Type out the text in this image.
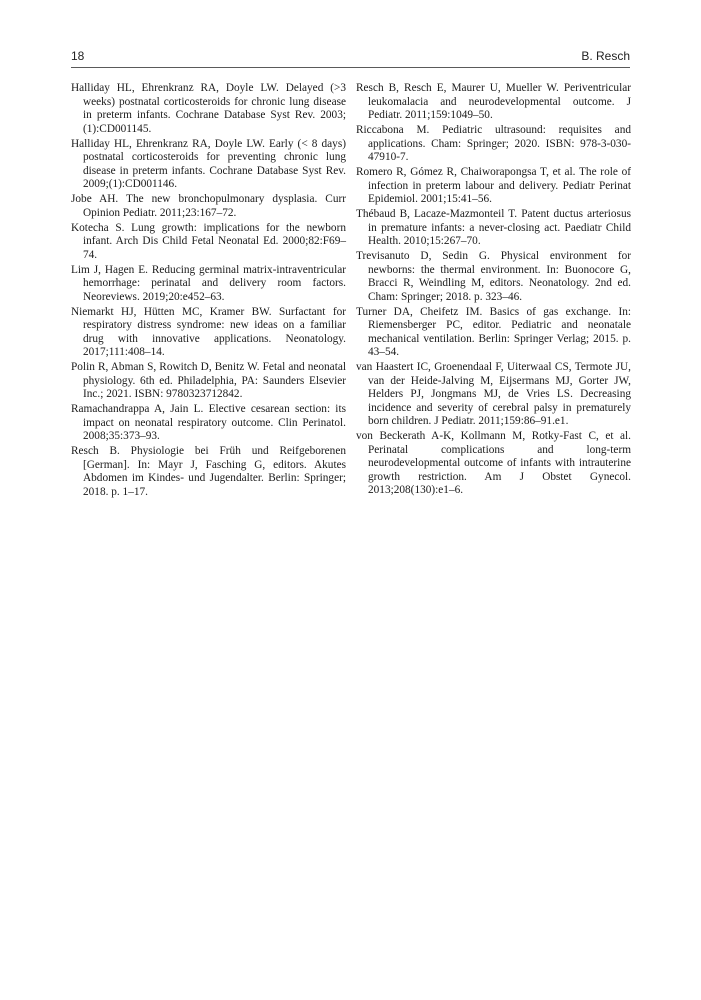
18	B. Resch
Halliday HL, Ehrenkranz RA, Doyle LW. Delayed (>3 weeks) postnatal corticosteroids for chronic lung disease in preterm infants. Cochrane Database Syst Rev. 2003;(1):CD001145.
Halliday HL, Ehrenkranz RA, Doyle LW. Early (< 8 days) postnatal corticosteroids for preventing chronic lung disease in preterm infants. Cochrane Database Syst Rev. 2009;(1):CD001146.
Jobe AH. The new bronchopulmonary dysplasia. Curr Opinion Pediatr. 2011;23:167–72.
Kotecha S. Lung growth: implications for the newborn infant. Arch Dis Child Fetal Neonatal Ed. 2000;82:F69–74.
Lim J, Hagen E. Reducing germinal matrix-intraventricular hemorrhage: perinatal and delivery room factors. Neoreviews. 2019;20:e452–63.
Niemarkt HJ, Hütten MC, Kramer BW. Surfactant for respiratory distress syndrome: new ideas on a familiar drug with innovative applications. Neonatology. 2017;111:408–14.
Polin R, Abman S, Rowitch D, Benitz W. Fetal and neonatal physiology. 6th ed. Philadelphia, PA: Saunders Elsevier Inc.; 2021. ISBN: 9780323712842.
Ramachandrappa A, Jain L. Elective cesarean section: its impact on neonatal respiratory outcome. Clin Perinatol. 2008;35:373–93.
Resch B. Physiologie bei Früh und Reifgeborenen [German]. In: Mayr J, Fasching G, editors. Akutes Abdomen im Kindes- und Jugendalter. Berlin: Springer; 2018. p. 1–17.
Resch B, Resch E, Maurer U, Mueller W. Periventricular leukomalacia and neurodevelopmental outcome. J Pediatr. 2011;159:1049–50.
Riccabona M. Pediatric ultrasound: requisites and applications. Cham: Springer; 2020. ISBN: 978-3-030-47910-7.
Romero R, Gómez R, Chaiworapongsa T, et al. The role of infection in preterm labour and delivery. Pediatr Perinat Epidemiol. 2001;15:41–56.
Thébaud B, Lacaze-Mazmonteil T. Patent ductus arteriosus in premature infants: a never-closing act. Paediatr Child Health. 2010;15:267–70.
Trevisanuto D, Sedin G. Physical environment for newborns: the thermal environment. In: Buonocore G, Bracci R, Weindling M, editors. Neonatology. 2nd ed. Cham: Springer; 2018. p. 323–46.
Turner DA, Cheifetz IM. Basics of gas exchange. In: Riemensberger PC, editor. Pediatric and neonatale mechanical ventilation. Berlin: Springer Verlag; 2015. p. 43–54.
van Haastert IC, Groenendaal F, Uiterwaal CS, Termote JU, van der Heide-Jalving M, Eijsermans MJ, Gorter JW, Helders PJ, Jongmans MJ, de Vries LS. Decreasing incidence and severity of cerebral palsy in prematurely born children. J Pediatr. 2011;159:86–91.e1.
von Beckerath A-K, Kollmann M, Rotky-Fast C, et al. Perinatal complications and long-term neurodevelopmental outcome of infants with intrauterine growth restriction. Am J Obstet Gynecol. 2013;208(130):e1–6.
